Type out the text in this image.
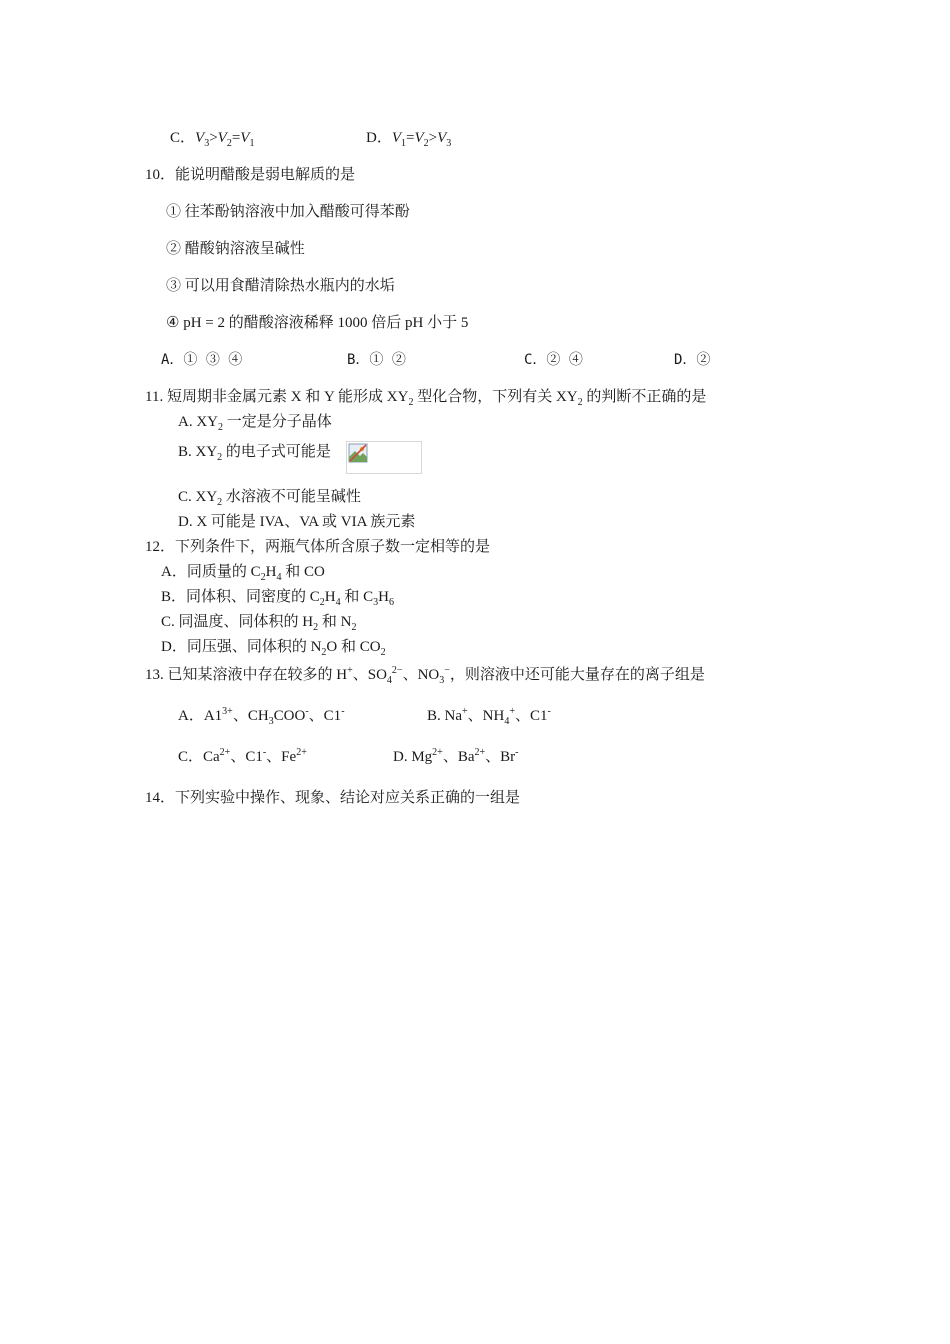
C．$V_3>V_2=V_1$	D．$V_1=V_2>V_3$
10．能说明醋酸是弱电解质的是
① 往苯酚钠溶液中加入醋酸可得苯酚
② 醋酸钠溶液呈碱性
③ 可以用食醋清除热水瓶内的水垢
④ pH = 2 的醋酸溶液稀释 1000 倍后 pH 小于 5
A．① ③ ④	B．① ②	C．② ④	D．②
11. 短周期非金属元素 X 和 Y 能形成 $XY_2$ 型化合物，下列有关 $XY_2$ 的判断不正确的是
A. $XY_2$ 一定是分子晶体
B. $XY_2$ 的电子式可能是
C. $XY_2$ 水溶液不可能呈碱性
D. X 可能是 IVA、VA 或 VIA 族元素
12．下列条件下，两瓶气体所含原子数一定相等的是
A．同质量的 $C_2H_4$ 和 CO
B．同体积、同密度的 $C_2H_4$ 和 $C_3H_6$
C. 同温度、同体积的 $H_2$ 和 $N_2$
D．同压强、同体积的 $N_2O$ 和 $CO_2$
13. 已知某溶液中存在较多的 H+、$SO_4^{2-}$、$NO_3^-$，则溶液中还可能大量存在的离子组是
A．$A1^{3+}$、$CH_3COO^-$、C1-	B. Na+、$NH_4^+$、C1-
C．$Ca^{2+}$、C1-、$Fe^{2+}$	D. $Mg^{2+}$、$Ba^{2+}$、Br-
14．下列实验中操作、现象、结论对应关系正确的一组是
